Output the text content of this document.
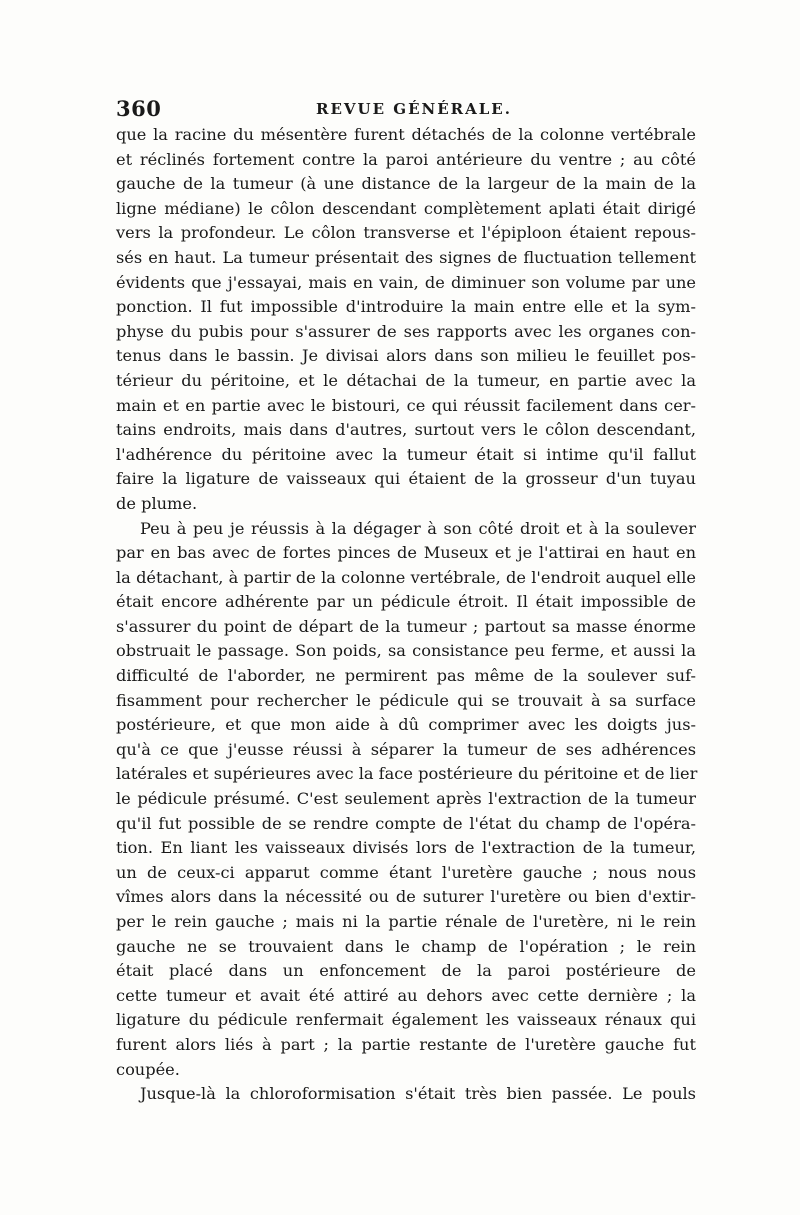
360	REVUE GÉNÉRALE.
que la racine du mésentère furent détachés de la colonne vertébrale
et réclinés fortement contre la paroi antérieure du ventre ; au côté
gauche de la tumeur (à une distance de la largeur de la main de la
ligne médiane) le côlon descendant complètement aplati était dirigé
vers la profondeur. Le côlon transverse et l'épiploon étaient repous-
sés en haut. La tumeur présentait des signes de fluctuation tellement
évidents que j'essayai, mais en vain, de diminuer son volume par une
ponction. Il fut impossible d'introduire la main entre elle et la sym-
physe du pubis pour s'assurer de ses rapports avec les organes con-
tenus dans le bassin. Je divisai alors dans son milieu le feuillet pos-
térieur du péritoine, et le détachai de la tumeur, en partie avec la
main et en partie avec le bistouri, ce qui réussit facilement dans cer-
tains endroits, mais dans d'autres, surtout vers le côlon descendant,
l'adhérence du péritoine avec la tumeur était si intime qu'il fallut
faire la ligature de vaisseaux qui étaient de la grosseur d'un tuyau
de plume.
Peu à peu je réussis à la dégager à son côté droit et à la soulever
par en bas avec de fortes pinces de Museux et je l'attirai en haut en
la détachant, à partir de la colonne vertébrale, de l'endroit auquel elle
était encore adhérente par un pédicule étroit. Il était impossible de
s'assurer du point de départ de la tumeur ; partout sa masse énorme
obstruait le passage. Son poids, sa consistance peu ferme, et aussi la
difficulté de l'aborder, ne permirent pas même de la soulever suf-
fisamment pour rechercher le pédicule qui se trouvait à sa surface
postérieure, et que mon aide à dû comprimer avec les doigts jus-
qu'à ce que j'eusse réussi à séparer la tumeur de ses adhérences
latérales et supérieures avec la face postérieure du péritoine et de lier
le pédicule présumé. C'est seulement après l'extraction de la tumeur
qu'il fut possible de se rendre compte de l'état du champ de l'opéra-
tion. En liant les vaisseaux divisés lors de l'extraction de la tumeur,
un de ceux-ci apparut comme étant l'uretère gauche ; nous nous
vîmes alors dans la nécessité ou de suturer l'uretère ou bien d'extir-
per le rein gauche ; mais ni la partie rénale de l'uretère, ni le rein
gauche ne se trouvaient dans le champ de l'opération ; le rein
était placé dans un enfoncement de la paroi postérieure de
cette tumeur et avait été attiré au dehors avec cette dernière ; la
ligature du pédicule renfermait également les vaisseaux rénaux qui
furent alors liés à part ; la partie restante de l'uretère gauche fut
coupée.
Jusque-là la chloroformisation s'était très bien passée. Le pouls
